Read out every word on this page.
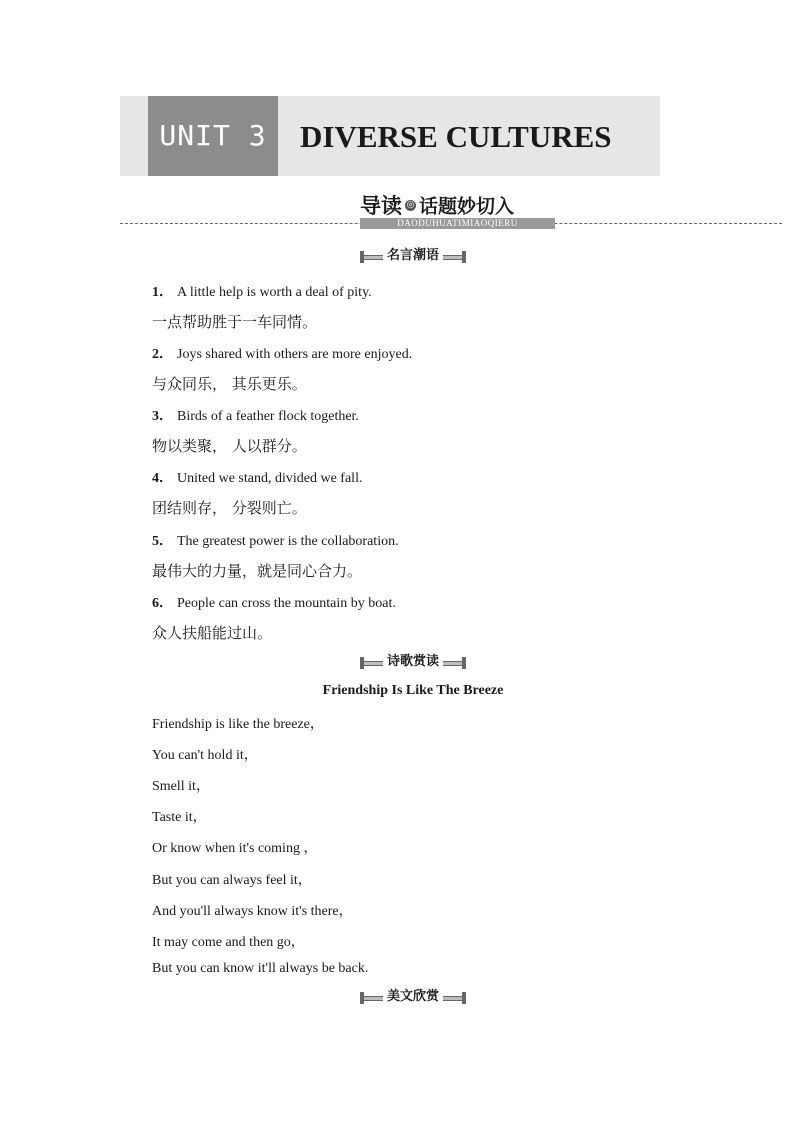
UNIT 3	DIVERSE CULTURES
导读 ◎ 话题妙切入
DAODUHUATIMIAOQIERU
名言潮语
1． A little help is worth a deal of pity.
一点帮助胜于一车同情。
2． Joys shared with others are more enjoyed.
与众同乐， 其乐更乐。
3． Birds of a feather flock together.
物以类聚， 人以群分。
4． United we stand, divided we fall.
团结则存， 分裂则亡。
5． The greatest power is the collaboration.
最伟大的力量，就是同心合力。
6． People can cross the mountain by boat.
众人扶船能过山。
诗歌赏读
Friendship Is Like The Breeze
Friendship is like the breeze，
You can't hold it，
Smell it，
Taste it，
Or know when it's coming ，
But you can always feel it，
And you'll always know it's there，
It may come and then go，
But you can know it'll always be back.
美文欣赏
